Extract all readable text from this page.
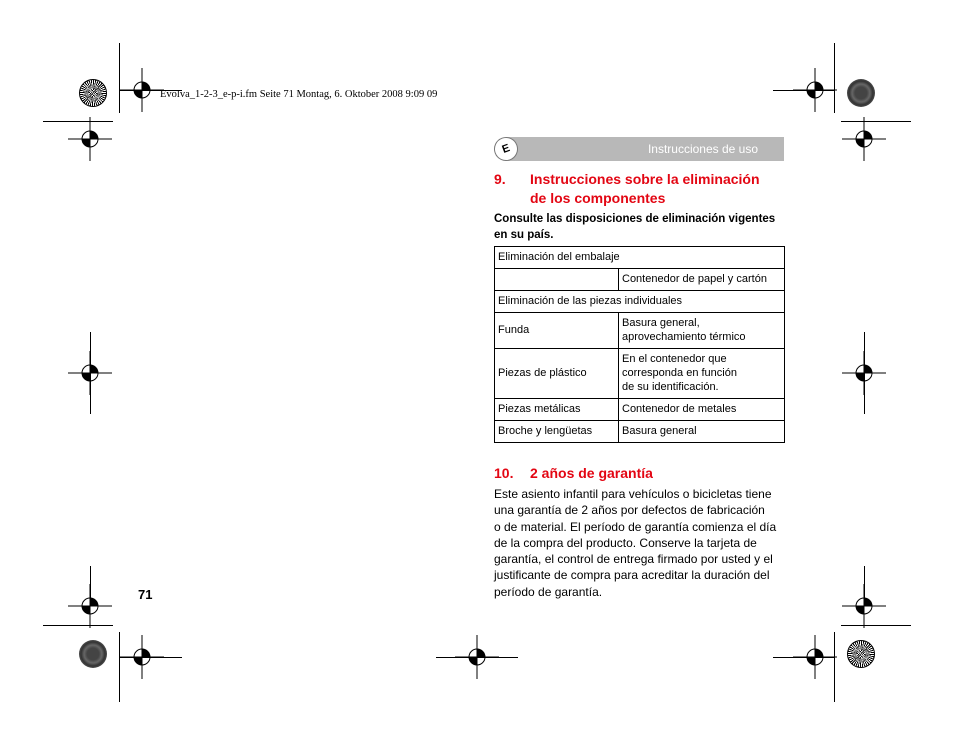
Evolva_1-2-3_e-p-i.fm Seite 71 Montag, 6. Oktober 2008 9:09 09
Instrucciones de uso
E
9. Instrucciones sobre la eliminación
de los componentes
Consulte las disposiciones de eliminación vigentes en su país.
Eliminación del embalaje	
	Contenedor de papel y cartón
Eliminación de las piezas individuales	
Funda	Basura general,
aprovechamiento térmico

Piezas de plástico	En el contenedor que
corresponda en función
de su identificación.

Piezas metálicas	Contenedor de metales
Broche y lengüetas	Basura general
10. 2 años de garantía
Este asiento infantil para vehículos o bicicletas tiene
una garantía de 2 años por defectos de fabricación
o de material. El período de garantía comienza el día
de la compra del producto. Conserve la tarjeta de
garantía, el control de entrega firmado por usted y el
justificante de compra para acreditar la duración del
período de garantía.
71
